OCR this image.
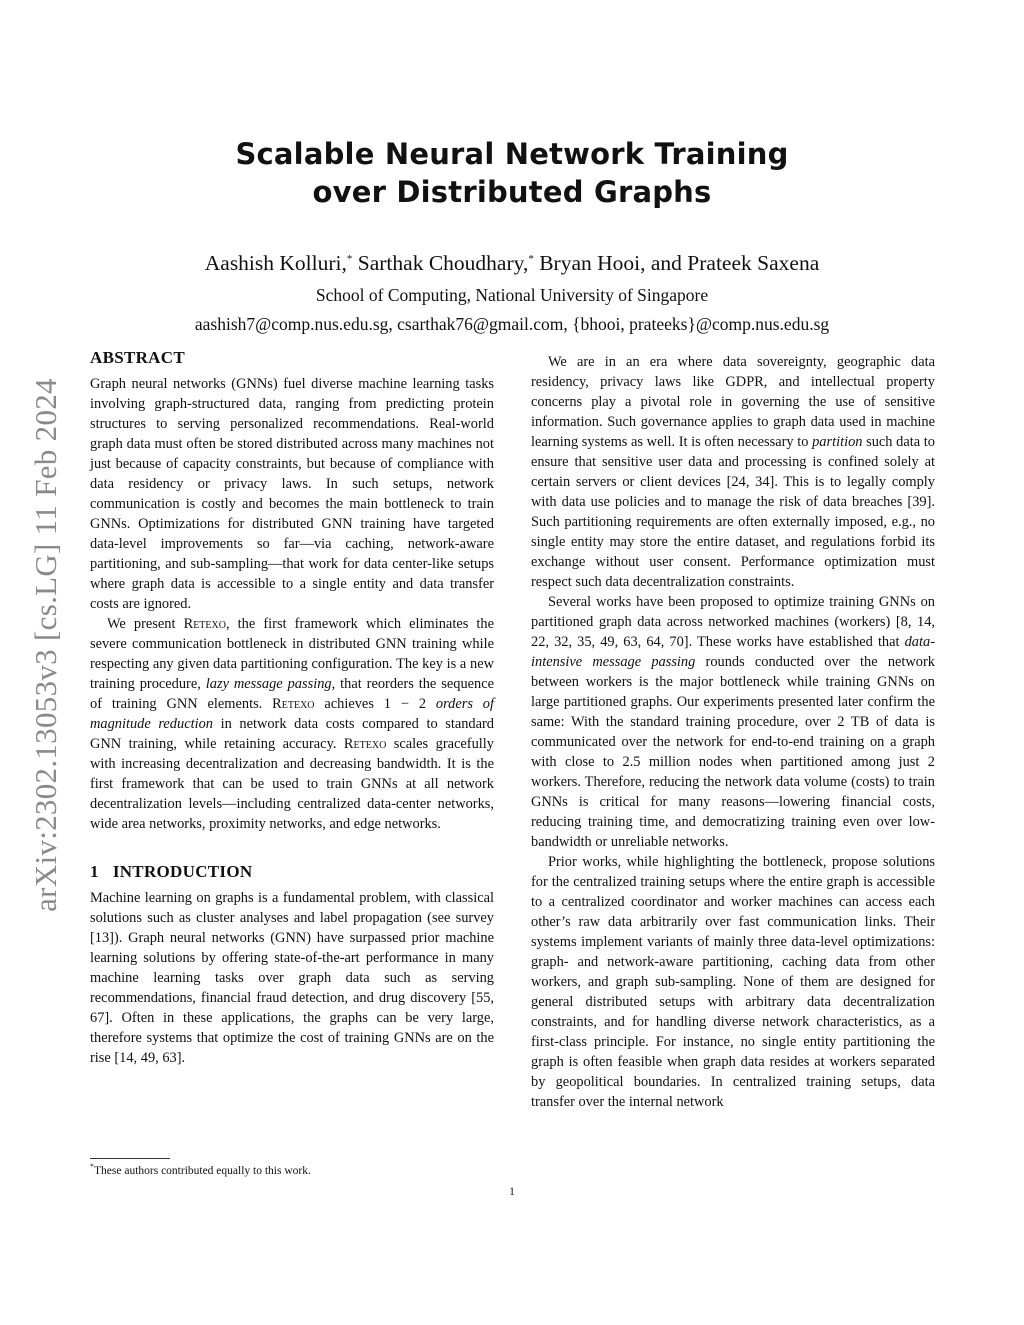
arXiv:2302.13053v3 [cs.LG] 11 Feb 2024
Scalable Neural Network Training
over Distributed Graphs
Aashish Kolluri,* Sarthak Choudhary,* Bryan Hooi, and Prateek Saxena
School of Computing, National University of Singapore
aashish7@comp.nus.edu.sg, csarthak76@gmail.com, {bhooi, prateeks}@comp.nus.edu.sg
ABSTRACT

Graph neural networks (GNNs) fuel diverse machine learning tasks involving graph-structured data, ranging from predicting protein structures to serving personalized recommendations. Real-world graph data must often be stored distributed across many machines not just because of capacity constraints, but because of compliance with data residency or privacy laws. In such setups, network communication is costly and becomes the main bottleneck to train GNNs. Optimizations for distributed GNN training have targeted data-level improvements so far—via caching, network-aware partitioning, and sub-sampling—that work for data center-like setups where graph data is accessible to a single entity and data transfer costs are ignored.

We present Retexo, the first framework which eliminates the severe communication bottleneck in distributed GNN training while respecting any given data partitioning configuration. The key is a new training procedure, lazy message passing, that reorders the sequence of training GNN elements. Retexo achieves 1 − 2 orders of magnitude reduction in network data costs compared to standard GNN training, while retaining accuracy. Retexo scales gracefully with increasing decentralization and decreasing bandwidth. It is the first framework that can be used to train GNNs at all network decentralization levels—including centralized data-center networks, wide area networks, proximity networks, and edge networks.

1 INTRODUCTION

Machine learning on graphs is a fundamental problem, with classical solutions such as cluster analyses and label propagation (see survey [13]). Graph neural networks (GNN) have surpassed prior machine learning solutions by offering state-of-the-art performance in many machine learning tasks over graph data such as serving recommendations, financial fraud detection, and drug discovery [55, 67]. Often in these applications, the graphs can be very large, therefore systems that optimize the cost of training GNNs are on the rise [14, 49, 63].

We are in an era where data sovereignty, geographic data residency, privacy laws like GDPR, and intellectual property concerns play a pivotal role in governing the use of sensitive information. Such governance applies to graph data used in machine learning systems as well. It is often necessary to partition such data to ensure that sensitive user data and processing is confined solely at certain servers or client devices [24, 34]. This is to legally comply with data use policies and to manage the risk of data breaches [39]. Such partitioning requirements are often externally imposed, e.g., no single entity may store the entire dataset, and regulations forbid its exchange without user consent. Performance optimization must respect such data decentralization constraints.

Several works have been proposed to optimize training GNNs on partitioned graph data across networked machines (workers) [8, 14, 22, 32, 35, 49, 63, 64, 70]. These works have established that data-intensive message passing rounds conducted over the network between workers is the major bottleneck while training GNNs on large partitioned graphs. Our experiments presented later confirm the same: With the standard training procedure, over 2 TB of data is communicated over the network for end-to-end training on a graph with close to 2.5 million nodes when partitioned among just 2 workers. Therefore, reducing the network data volume (costs) to train GNNs is critical for many reasons—lowering financial costs, reducing training time, and democratizing training even over low-bandwidth or unreliable networks.

Prior works, while highlighting the bottleneck, propose solutions for the centralized training setups where the entire graph is accessible to a centralized coordinator and worker machines can access each other’s raw data arbitrarily over fast communication links. Their systems implement variants of mainly three data-level optimizations: graph- and network-aware partitioning, caching data from other workers, and graph sub-sampling. None of them are designed for general distributed setups with arbitrary data decentralization constraints, and for handling diverse network characteristics, as a first-class principle. For instance, no single entity partitioning the graph is often feasible when graph data resides at workers separated by geopolitical boundaries. In centralized training setups, data transfer over the internal network

*These authors contributed equally to this work.
1
